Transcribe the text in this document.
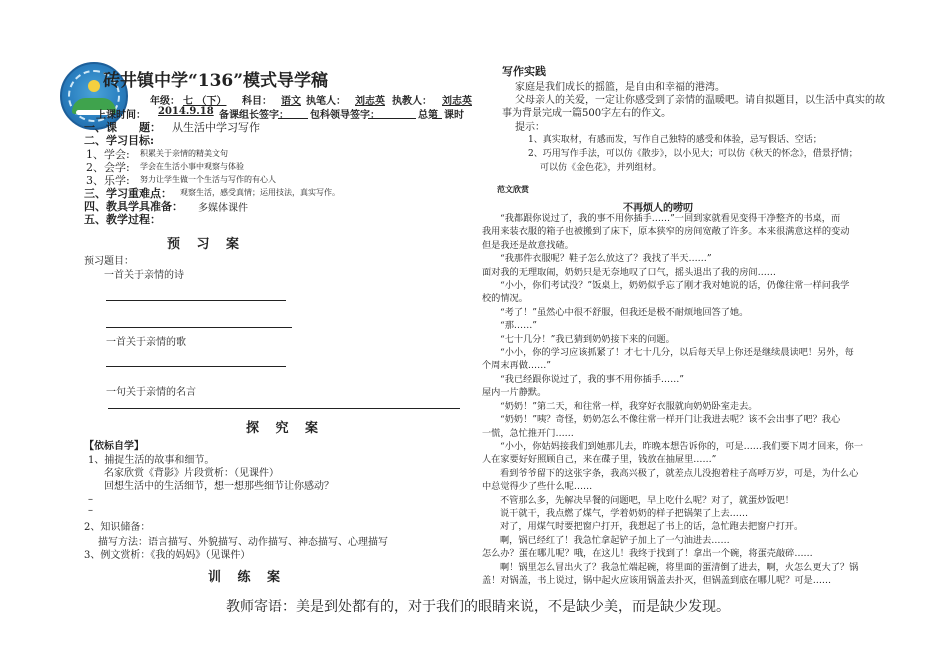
砖井镇中学“136”模式导学稿
年级： 七 （下） 科目： 语文 执笔人： 刘志英 执教人： 刘志英
上课时间： 2014.9.18 备课组长签字： 包科领导签字：	总第 课时
一、课　　题： 从生活中学习写作
二、学习目标:
1、学会: 积累关于亲情的精美文句
2、会学: 学会在生活小事中观察与体验
3、乐学: 努力让学生做一个生活与写作的有心人
三、学习重难点： 观察生活，感受真情；运用技法，真实写作。
四、教具学具准备： 多媒体课件
五、教学过程：
预 习 案
预习题目：
一首关于亲情的诗
一首关于亲情的歌
一句关于亲情的名言
探 究 案
【依标自学】
1、捕捉生活的故事和细节。
名家欣赏《背影》片段赏析：（见课件）
回想生活中的生活细节，想一想那些细节让你感动？
–
–
2、知识储备：
描写方法：语言描写、外貌描写、动作描写、神态描写、心理描写
3、例文赏析：《我的妈妈》（见课件）
训 练 案
写作实践
家庭是我们成长的摇篮，是自由和幸福的港湾。
父母亲人的关爱，一定让你感受到了亲情的温暖吧。请自拟题目，以生活中真实的故
事为背景完成一篇500字左右的作文。
提示：
1、真实取材，有感而发，写作自己独特的感受和体验，忌写假话、空话；
2、巧用写作手法，可以仿《散步》，以小见大；可以仿《秋天的怀念》，借景抒情；
可以仿《金色花》，并列组材。
范文欣赏
不再烦人的唠叨
“我都跟你说过了，我的事不用你插手……”一回到家就看见变得干净整齐的书桌，而
我用来装衣服的箱子也被搬到了床下，原本狭窄的房间宽敞了许多。本来很满意这样的变动
但是我还是故意找碴。
“我那件衣服呢？鞋子怎么放这了？我找了半天……”
面对我的无理取闹，奶奶只是无奈地叹了口气，摇头退出了我的房间……
“小小，你们考试没？”饭桌上，奶奶似乎忘了刚才我对她说的话，仍像往常一样问我学
校的情况。
“考了！”虽然心中很不舒服，但我还是极不耐烦地回答了她。
“那……”
“七十几分！”我已猜到奶奶接下来的问题。
“小小，你的学习应该抓紧了！才七十几分，以后每天早上你还是继续晨读吧！另外，每
个周末再做……”
“我已经跟你说过了，我的事不用你插手……”
屋内一片静默。
“奶奶！”第二天，和往常一样，我穿好衣服就向奶奶卧室走去。
“奶奶！”咦？奇怪，奶奶怎么不像往常一样开门让我进去呢？该不会出事了吧？我心
一慌，急忙推开门……
“小小，你姑妈接我们到她那儿去，昨晚本想告诉你的，可是……我们要下周才回来，你一
人在家要好好照顾自己，来在碟子里，钱放在抽屉里……”
看到爷爷留下的这张字条，我高兴极了，就差点儿没抱着柱子高呼万岁，可是，为什么心
中总觉得少了些什么呢……
不管那么多，先解决早餐的问题吧，早上吃什么呢？对了，就蛋炒饭吧！
说干就干，我点燃了煤气，学着奶奶的样子把锅架了上去……
对了，用煤气时要把窗户打开，我想起了书上的话，急忙跑去把窗户打开。
啊，锅已经红了！我急忙拿起铲子加上了一勺油进去……
怎么办？蛋在哪儿呢？哦，在这儿！我终于找到了！拿出一个碗，将蛋壳敲碎……
啊！锅里怎么冒出火了？我急忙端起碗，将里面的蛋清倒了进去，啊，火怎么更大了？锅
盖！对锅盖，书上说过，锅中起火应该用锅盖去扑灭，但锅盖到底在哪儿呢？可是……
教师寄语：美是到处都有的，对于我们的眼睛来说，不是缺少美，而是缺少发现。
